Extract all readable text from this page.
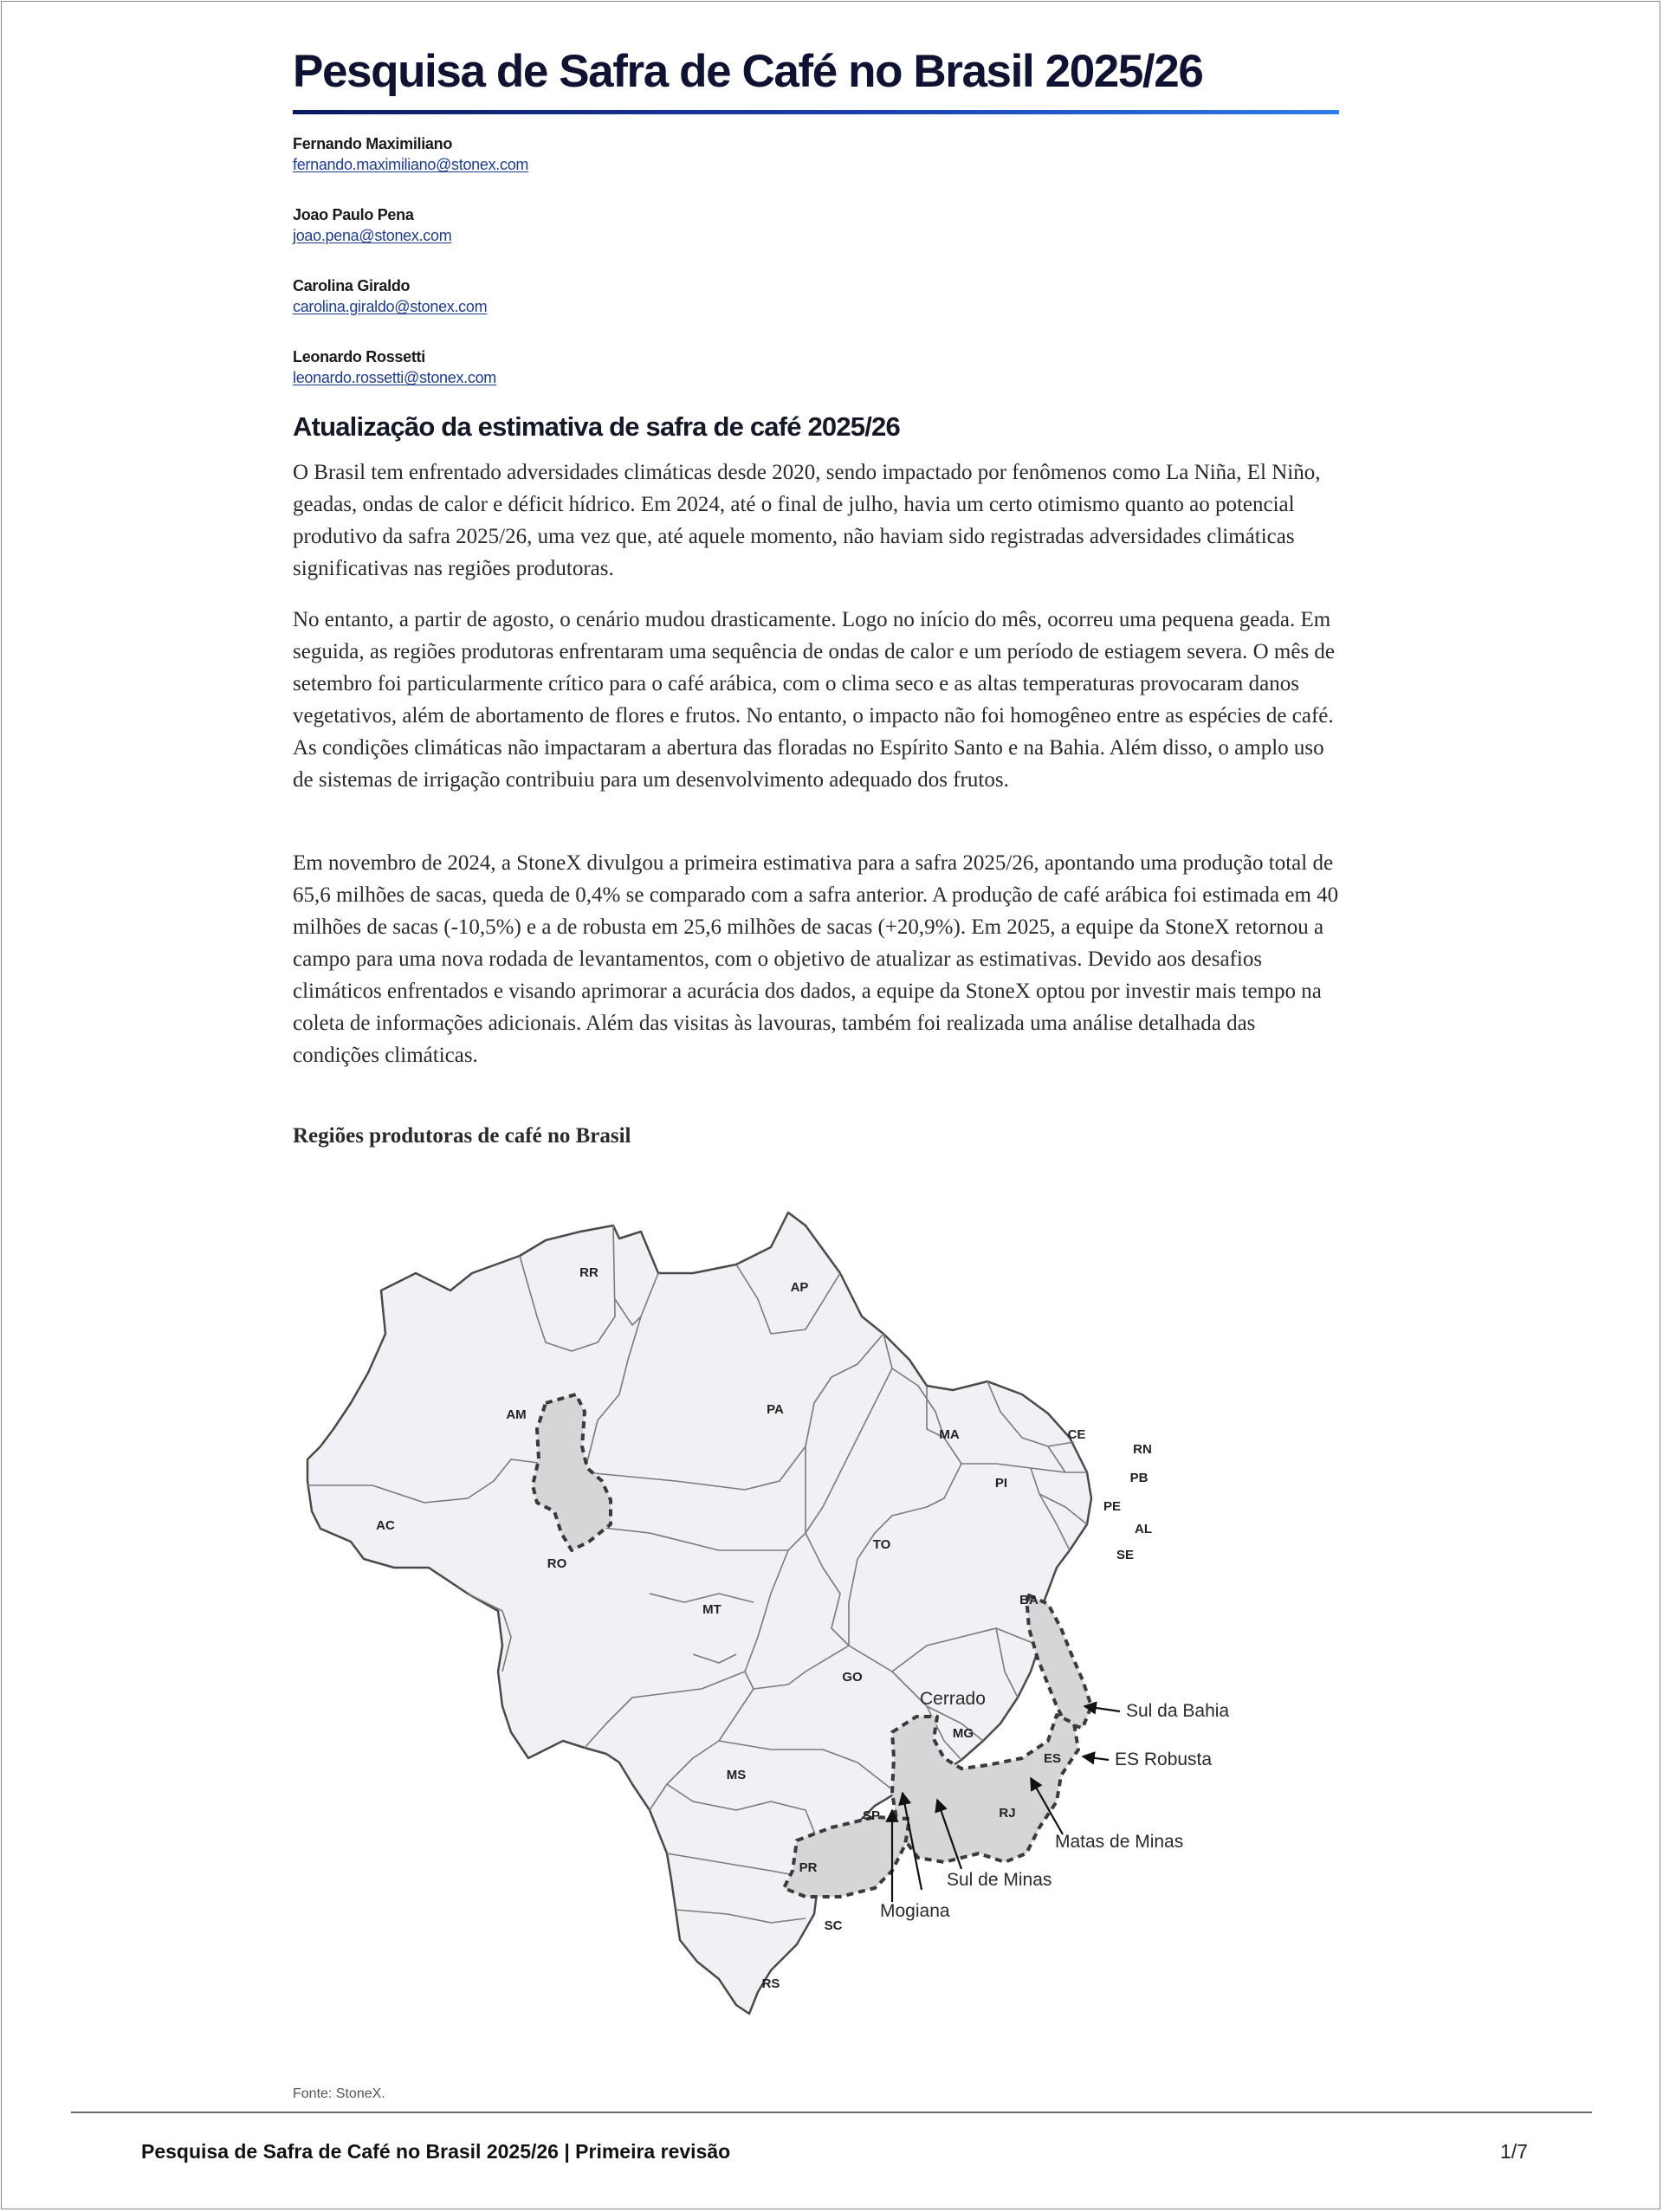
Pesquisa de Safra de Café no Brasil 2025/26
Fernando Maximiliano
fernando.maximiliano@stonex.com
Joao Paulo Pena
joao.pena@stonex.com
Carolina Giraldo
carolina.giraldo@stonex.com
Leonardo Rossetti
leonardo.rossetti@stonex.com
Atualização da estimativa de safra de café 2025/26

O Brasil tem enfrentado adversidades climáticas desde 2020, sendo impactado por fenômenos como La Niña, El Niño, geadas, ondas de calor e déficit hídrico. Em 2024, até o final de julho, havia um certo otimismo quanto ao potencial produtivo da safra 2025/26, uma vez que, até aquele momento, não haviam sido registradas adversidades climáticas significativas nas regiões produtoras.

No entanto, a partir de agosto, o cenário mudou drasticamente. Logo no início do mês, ocorreu uma pequena geada. Em seguida, as regiões produtoras enfrentaram uma sequência de ondas de calor e um período de estiagem severa. O mês de setembro foi particularmente crítico para o café arábica, com o clima seco e as altas temperaturas provocaram danos vegetativos, além de abortamento de flores e frutos. No entanto, o impacto não foi homogêneo entre as espécies de café. As condições climáticas não impactaram a abertura das floradas no Espírito Santo e na Bahia. Além disso, o amplo uso de sistemas de irrigação contribuiu para um desenvolvimento adequado dos frutos.

Em novembro de 2024, a StoneX divulgou a primeira estimativa para a safra 2025/26, apontando uma produção total de 65,6 milhões de sacas, queda de 0,4% se comparado com a safra anterior. A produção de café arábica foi estimada em 40 milhões de sacas (-10,5%) e a de robusta em 25,6 milhões de sacas (+20,9%). Em 2025, a equipe da StoneX retornou a campo para uma nova rodada de levantamentos, com o objetivo de atualizar as estimativas. Devido aos desafios climáticos enfrentados e visando aprimorar a acurácia dos dados, a equipe da StoneX optou por investir mais tempo na coleta de informações adicionais. Além das visitas às lavouras, também foi realizada uma análise detalhada das condições climáticas.

Regiões produtoras de café no Brasil

RR
AP
AM	PA
MA	CE
RN
PB
PI
PE
AL
SE
AC
RO
TO
BA
MT
GO
MG
ES
MS
SP	RJ
PR
SC
RS
Cerrado
Sul da Bahia
ES Robusta
Matas de Minas
Sul de Minas
Mogiana

Fonte: StoneX.

Pesquisa de Safra de Café no Brasil 2025/26 | Primeira revisão	1/7
